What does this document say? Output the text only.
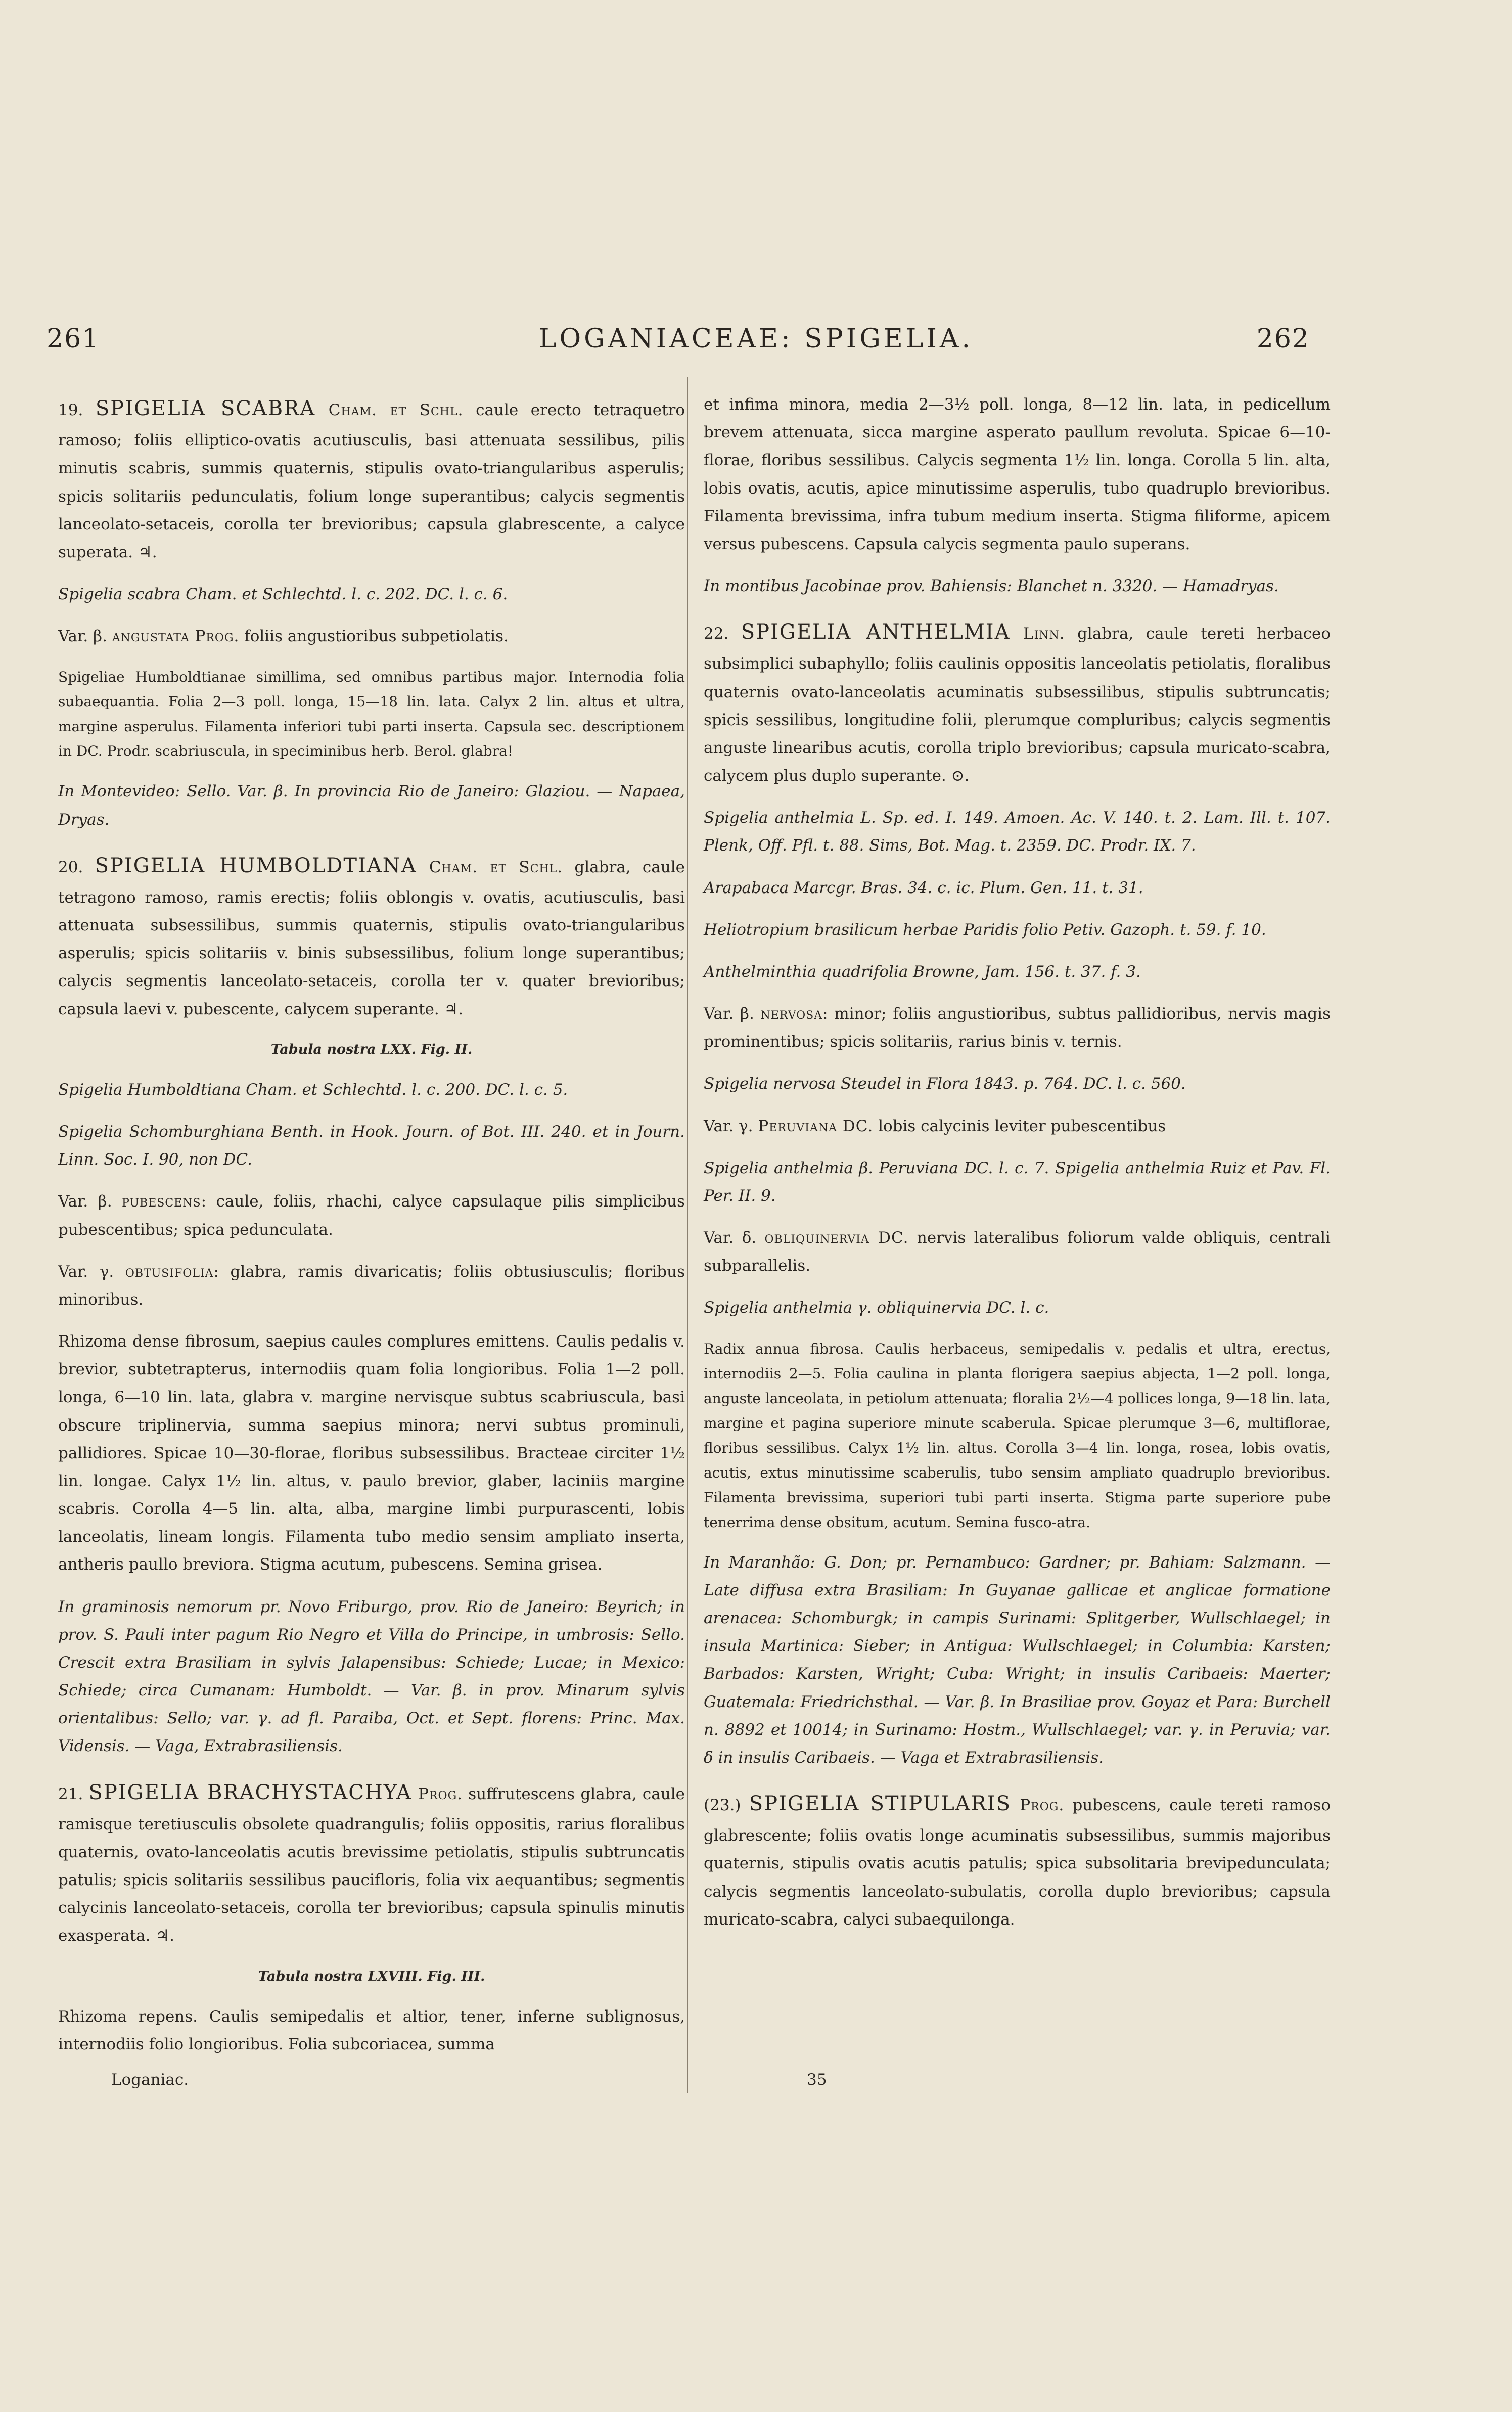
261	LOGANIACEAE: SPIGELIA.	262

19. SPIGELIA SCABRA Cham. et Schl. caule erecto tetraquetro ramoso; foliis elliptico-ovatis acutiusculis, basi attenuata sessilibus, pilis minutis scabris, summis quaternis, stipulis ovato-triangularibus asperulis; spicis solitariis pedunculatis, folium longe superantibus; calycis segmentis lanceolato-setaceis, corolla ter brevioribus; capsula glabrescente, a calyce superata. ♃.

Spigelia scabra Cham. et Schlechtd. l. c. 202. DC. l. c. 6.

Var. β. angustata Prog. foliis angustioribus subpetiolatis.

Spigeliae Humboldtianae simillima, sed omnibus partibus major. Internodia folia subaequantia. Folia 2—3 poll. longa, 15—18 lin. lata. Calyx 2 lin. altus et ultra, margine asperulus. Filamenta inferiori tubi parti inserta. Capsula sec. descriptionem in DC. Prodr. scabriuscula, in speciminibus herb. Berol. glabra!

In Montevideo: Sello. Var. β. In provincia Rio de Janeiro: Glaziou. — Napaea, Dryas.

20. SPIGELIA HUMBOLDTIANA Cham. et Schl. glabra, caule tetragono ramoso, ramis erectis; foliis oblongis v. ovatis, acutiusculis, basi attenuata subsessilibus, summis quaternis, stipulis ovato-triangularibus asperulis; spicis solitariis v. binis subsessilibus, folium longe superantibus; calycis segmentis lanceolato-setaceis, corolla ter v. quater brevioribus; capsula laevi v. pubescente, calycem superante. ♃.

Tabula nostra LXX. Fig. II.

Spigelia Humboldtiana Cham. et Schlechtd. l. c. 200. DC. l. c. 5.

Spigelia Schomburghiana Benth. in Hook. Journ. of Bot. III. 240. et in Journ. Linn. Soc. I. 90, non DC.

Var. β. pubescens: caule, foliis, rhachi, calyce capsulaque pilis simplicibus pubescentibus; spica pedunculata.

Var. γ. obtusifolia: glabra, ramis divaricatis; foliis obtusiusculis; floribus minoribus.

Rhizoma dense fibrosum, saepius caules complures emittens. Caulis pedalis v. brevior, subtetrapterus, internodiis quam folia longioribus. Folia 1—2 poll. longa, 6—10 lin. lata, glabra v. margine nervisque subtus scabriuscula, basi obscure triplinervia, summa saepius minora; nervi subtus prominuli, pallidiores. Spicae 10—30-florae, floribus subsessilibus. Bracteae circiter 1½ lin. longae. Calyx 1½ lin. altus, v. paulo brevior, glaber, laciniis margine scabris. Corolla 4—5 lin. alta, alba, margine limbi purpurascenti, lobis lanceolatis, lineam longis. Filamenta tubo medio sensim ampliato inserta, antheris paullo breviora. Stigma acutum, pubescens. Semina grisea.

In graminosis nemorum pr. Novo Friburgo, prov. Rio de Janeiro: Beyrich; in prov. S. Pauli inter pagum Rio Negro et Villa do Principe, in umbrosis: Sello. Crescit extra Brasiliam in sylvis Jalapensibus: Schiede; Lucae; in Mexico: Schiede; circa Cumanam: Humboldt. — Var. β. in prov. Minarum sylvis orientalibus: Sello; var. γ. ad fl. Paraiba, Oct. et Sept. florens: Princ. Max. Vidensis. — Vaga, Extrabrasiliensis.

21. SPIGELIA BRACHYSTACHYA Prog. suffrutescens glabra, caule ramisque teretiusculis obsolete quadrangulis; foliis oppositis, rarius floralibus quaternis, ovato-lanceolatis acutis brevissime petiolatis, stipulis subtruncatis patulis; spicis solitariis sessilibus paucifloris, folia vix aequantibus; segmentis calycinis lanceolato-setaceis, corolla ter brevioribus; capsula spinulis minutis exasperata. ♃.

Tabula nostra LXVIII. Fig. III.

Rhizoma repens. Caulis semipedalis et altior, tener, inferne sublignosus, internodiis folio longioribus. Folia subcoriacea, summa

et infima minora, media 2—3½ poll. longa, 8—12 lin. lata, in pedicellum brevem attenuata, sicca margine asperato paullum revoluta. Spicae 6—10-florae, floribus sessilibus. Calycis segmenta 1½ lin. longa. Corolla 5 lin. alta, lobis ovatis, acutis, apice minutissime asperulis, tubo quadruplo brevioribus. Filamenta brevissima, infra tubum medium inserta. Stigma filiforme, apicem versus pubescens. Capsula calycis segmenta paulo superans.

In montibus Jacobinae prov. Bahiensis: Blanchet n. 3320. — Hamadryas.

22. SPIGELIA ANTHELMIA Linn. glabra, caule tereti herbaceo subsimplici subaphyllo; foliis caulinis oppositis lanceolatis petiolatis, floralibus quaternis ovato-lanceolatis acuminatis subsessilibus, stipulis subtruncatis; spicis sessilibus, longitudine folii, plerumque compluribus; calycis segmentis anguste linearibus acutis, corolla triplo brevioribus; capsula muricato-scabra, calycem plus duplo superante. ⊙.

Spigelia anthelmia L. Sp. ed. I. 149. Amoen. Ac. V. 140. t. 2. Lam. Ill. t. 107. Plenk, Off. Pfl. t. 88. Sims, Bot. Mag. t. 2359. DC. Prodr. IX. 7.

Arapabaca Marcgr. Bras. 34. c. ic. Plum. Gen. 11. t. 31.

Heliotropium brasilicum herbae Paridis folio Petiv. Gazoph. t. 59. f. 10.

Anthelminthia quadrifolia Browne, Jam. 156. t. 37. f. 3.

Var. β. nervosa: minor; foliis angustioribus, subtus pallidioribus, nervis magis prominentibus; spicis solitariis, rarius binis v. ternis.

Spigelia nervosa Steudel in Flora 1843. p. 764. DC. l. c. 560.

Var. γ. Peruviana DC. lobis calycinis leviter pubescentibus

Spigelia anthelmia β. Peruviana DC. l. c. 7. Spigelia anthelmia Ruiz et Pav. Fl. Per. II. 9.

Var. δ. obliquinervia DC. nervis lateralibus foliorum valde obliquis, centrali subparallelis.

Spigelia anthelmia γ. obliquinervia DC. l. c.

Radix annua fibrosa. Caulis herbaceus, semipedalis v. pedalis et ultra, erectus, internodiis 2—5. Folia caulina in planta florigera saepius abjecta, 1—2 poll. longa, anguste lanceolata, in petiolum attenuata; floralia 2½—4 pollices longa, 9—18 lin. lata, margine et pagina superiore minute scaberula. Spicae plerumque 3—6, multiflorae, floribus sessilibus. Calyx 1½ lin. altus. Corolla 3—4 lin. longa, rosea, lobis ovatis, acutis, extus minutissime scaberulis, tubo sensim ampliato quadruplo brevioribus. Filamenta brevissima, superiori tubi parti inserta. Stigma parte superiore pube tenerrima dense obsitum, acutum. Semina fusco-atra.

In Maranhão: G. Don; pr. Pernambuco: Gardner; pr. Bahiam: Salzmann. — Late diffusa extra Brasiliam: In Guyanae gallicae et anglicae formatione arenacea: Schomburgk; in campis Surinami: Splitgerber, Wullschlaegel; in insula Martinica: Sieber; in Antigua: Wullschlaegel; in Columbia: Karsten; Barbados: Karsten, Wright; Cuba: Wright; in insulis Caribaeis: Maerter; Guatemala: Friedrichsthal. — Var. β. In Brasiliae prov. Goyaz et Para: Burchell n. 8892 et 10014; in Surinamo: Hostm., Wullschlaegel; var. γ. in Peruvia; var. δ in insulis Caribaeis. — Vaga et Extrabrasiliensis.

(23.) SPIGELIA STIPULARIS Prog. pubescens, caule tereti ramoso glabrescente; foliis ovatis longe acuminatis subsessilibus, summis majoribus quaternis, stipulis ovatis acutis patulis; spica subsolitaria brevipedunculata; calycis segmentis lanceolato-subulatis, corolla duplo brevioribus; capsula muricato-scabra, calyci subaequilonga.

Loganiac.	35
